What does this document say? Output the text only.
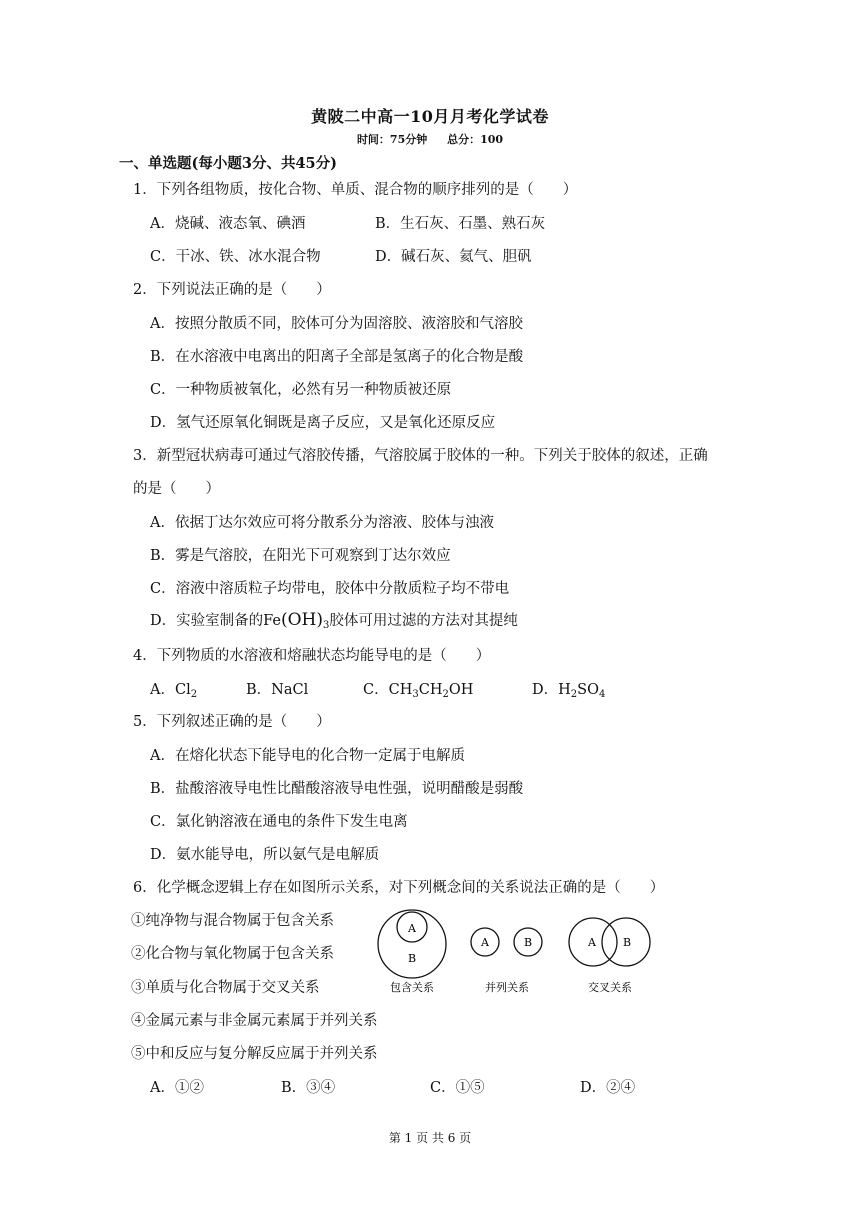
黄陂二中高一10月月考化学试卷
时间：75分钟 总分：100
一、单选题(每小题3分、共45分)
1．下列各组物质，按化合物、单质、混合物的顺序排列的是（　　）
A．烧碱、液态氧、碘酒	B．生石灰、石墨、熟石灰
C．干冰、铁、冰水混合物	D．碱石灰、氦气、胆矾
2．下列说法正确的是（　　）
A．按照分散质不同，胶体可分为固溶胶、液溶胶和气溶胶
B．在水溶液中电离出的阳离子全部是氢离子的化合物是酸
C．一种物质被氧化，必然有另一种物质被还原
D．氢气还原氧化铜既是离子反应，又是氧化还原反应
3．新型冠状病毒可通过气溶胶传播，气溶胶属于胶体的一种。下列关于胶体的叙述，正确
的是（　　）
A．依据丁达尔效应可将分散系分为溶液、胶体与浊液
B．雾是气溶胶，在阳光下可观察到丁达尔效应
C．溶液中溶质粒子均带电，胶体中分散质粒子均不带电
D．实验室制备的$Fe(OH)_3$胶体可用过滤的方法对其提纯
4．下列物质的水溶液和熔融状态均能导电的是（　　）
A．$Cl_2$	B．NaCl	C．$CH_3CH_2OH$	D．$H_2SO_4$
5．下列叙述正确的是（　　）
A．在熔化状态下能导电的化合物一定属于电解质
B．盐酸溶液导电性比醋酸溶液导电性强，说明醋酸是弱酸
C．氯化钠溶液在通电的条件下发生电离
D．氨水能导电，所以氨气是电解质
6．化学概念逻辑上存在如图所示关系，对下列概念间的关系说法正确的是（　　）
①纯净物与混合物属于包含关系
②化合物与氧化物属于包含关系
③单质与化合物属于交叉关系
④金属元素与非金属元素属于并列关系
⑤中和反应与复分解反应属于并列关系
A
B
包含关系
A	B
并列关系
A B
交叉关系
A．①②	B．③④	C．①⑤	D．②④
第 1 页 共 6 页
